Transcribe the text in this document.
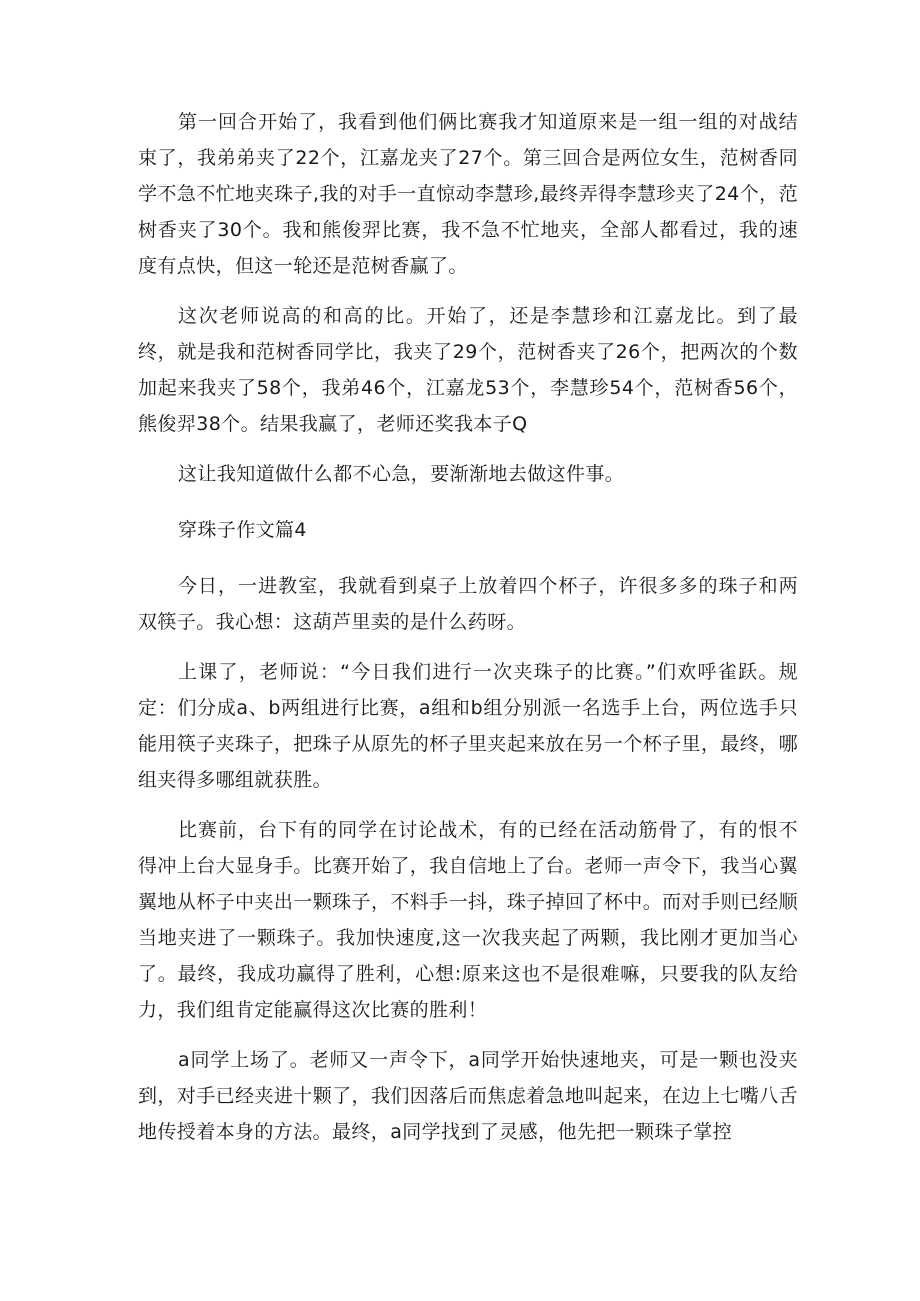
第一回合开始了，我看到他们俩比赛我才知道原来是一组一组的对战结束了，我弟弟夹了22个，江嘉龙夹了27个。第三回合是两位女生，范树香同学不急不忙地夹珠子,我的对手一直惊动李慧珍,最终弄得李慧珍夹了24个，范树香夹了30个。我和熊俊羿比赛，我不急不忙地夹，全部人都看过，我的速度有点快，但这一轮还是范树香赢了。

这次老师说高的和高的比。开始了，还是李慧珍和江嘉龙比。到了最终，就是我和范树香同学比，我夹了29个，范树香夹了26个，把两次的个数加起来我夹了58个，我弟46个，江嘉龙53个，李慧珍54个，范树香56个，熊俊羿38个。结果我赢了，老师还奖我本子Q

这让我知道做什么都不心急，要渐渐地去做这件事。

穿珠子作文篇4

今日，一进教室，我就看到桌子上放着四个杯子，许很多多的珠子和两双筷子。我心想：这葫芦里卖的是什么药呀。

上课了，老师说：“今日我们进行一次夹珠子的比赛。”们欢呼雀跃。规定：们分成a、b两组进行比赛，a组和b组分别派一名选手上台，两位选手只能用筷子夹珠子，把珠子从原先的杯子里夹起来放在另一个杯子里，最终，哪组夹得多哪组就获胜。

比赛前，台下有的同学在讨论战术，有的已经在活动筋骨了，有的恨不得冲上台大显身手。比赛开始了，我自信地上了台。老师一声令下，我当心翼翼地从杯子中夹出一颗珠子，不料手一抖，珠子掉回了杯中。而对手则已经顺当地夹进了一颗珠子。我加快速度,这一次我夹起了两颗，我比刚才更加当心了。最终，我成功赢得了胜利，心想:原来这也不是很难嘛，只要我的队友给力，我们组肯定能赢得这次比赛的胜利！

a同学上场了。老师又一声令下，a同学开始快速地夹，可是一颗也没夹到，对手已经夹进十颗了，我们因落后而焦虑着急地叫起来，在边上七嘴八舌地传授着本身的方法。最终，a同学找到了灵感，他先把一颗珠子掌控
